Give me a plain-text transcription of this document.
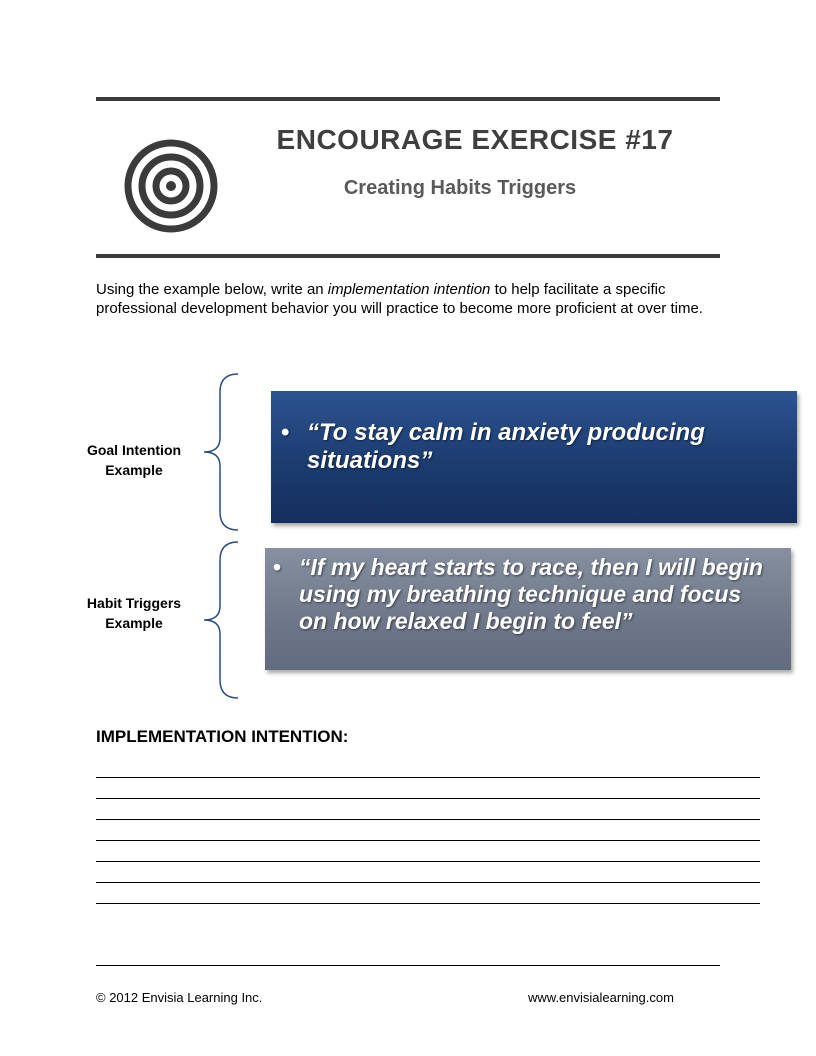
ENCOURAGE EXERCISE #17
Creating Habits Triggers

Using the example below, write an implementation intention to help facilitate a specific professional development behavior you will practice to become more proficient at over time.

Goal Intention
Example
• “To stay calm in anxiety producing situations”
Habit Triggers
Example
• “If my heart starts to race, then I will begin using my breathing technique and focus on how relaxed I begin to feel”
IMPLEMENTATION INTENTION:
© 2012 Envisia Learning Inc.	www.envisialearning.com
